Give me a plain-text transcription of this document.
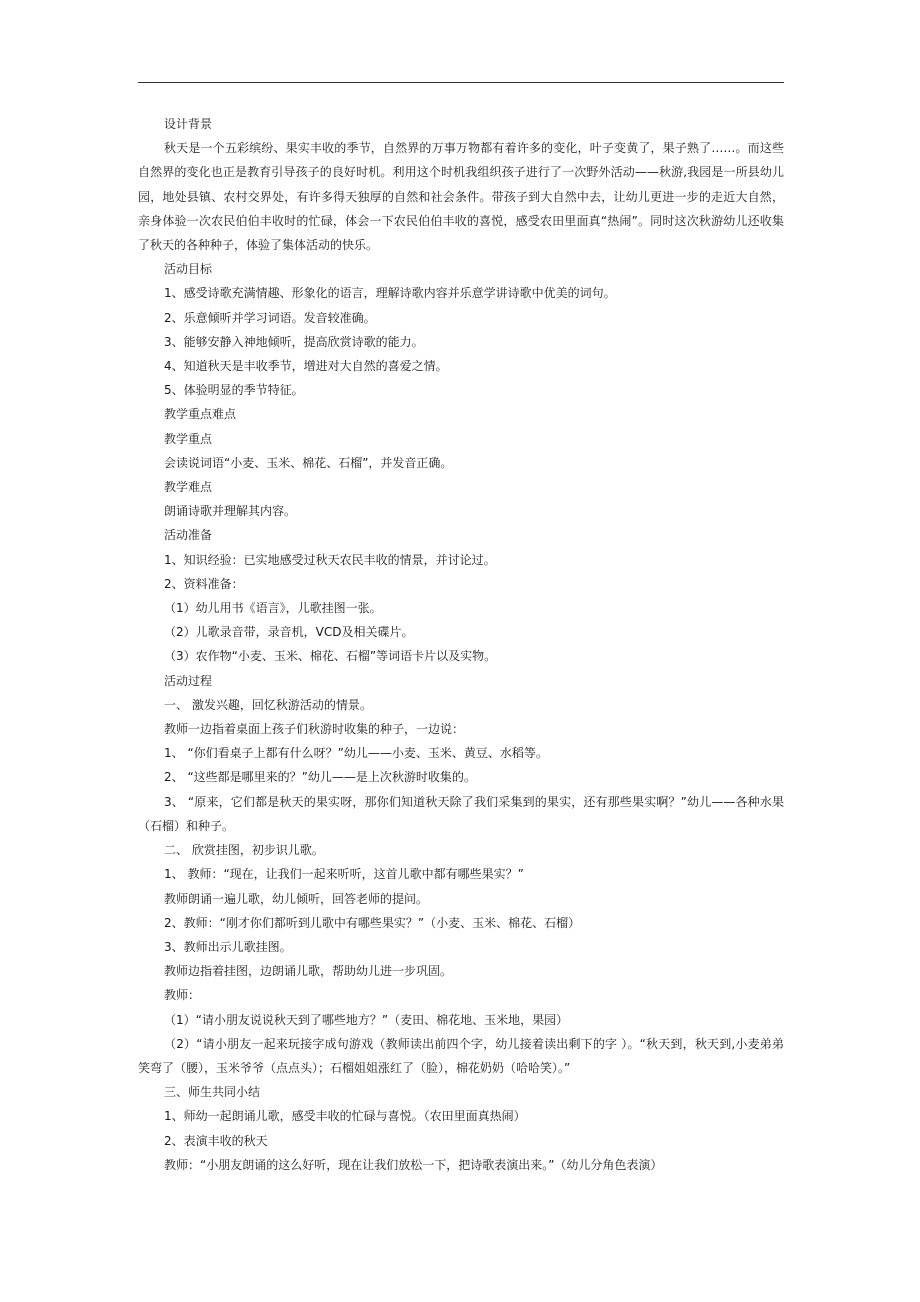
设计背景

秋天是一个五彩缤纷、果实丰收的季节，自然界的万事万物都有着许多的变化，叶子变黄了，果子熟了……。而这些自然界的变化也正是教育引导孩子的良好时机。利用这个时机我组织孩子进行了一次野外活动——秋游,我园是一所县幼儿园，地处县镇、农村交界处，有许多得天独厚的自然和社会条件。带孩子到大自然中去，让幼儿更进一步的走近大自然，亲身体验一次农民伯伯丰收时的忙碌，体会一下农民伯伯丰收的喜悦，感受农田里面真“热闹”。同时这次秋游幼儿还收集了秋天的各种种子，体验了集体活动的快乐。

活动目标

1、感受诗歌充满情趣、形象化的语言，理解诗歌内容并乐意学讲诗歌中优美的词句。

2、乐意倾听并学习词语。发音较准确。

3、能够安静入神地倾听，提高欣赏诗歌的能力。

4、知道秋天是丰收季节，增进对大自然的喜爱之情。

5、体验明显的季节特征。

教学重点难点

教学重点

会读说词语“小麦、玉米、棉花、石榴”，并发音正确。

教学难点

朗诵诗歌并理解其内容。

活动准备

1、知识经验：已实地感受过秋天农民丰收的情景，并讨论过。

2、资料准备：

（1）幼儿用书《语言》，儿歌挂图一张。

（2）儿歌录音带，录音机，VCD及相关碟片。

（3）农作物“小麦、玉米、棉花、石榴”等词语卡片以及实物。

活动过程

一、 激发兴趣，回忆秋游活动的情景。

教师一边指着桌面上孩子们秋游时收集的种子，一边说：

1、 “你们看桌子上都有什么呀？”幼儿——小麦、玉米、黄豆、水稻等。

2、 “这些都是哪里来的？”幼儿——是上次秋游时收集的。

3、 “原来，它们都是秋天的果实呀，那你们知道秋天除了我们采集到的果实，还有那些果实啊？”幼儿——各种水果（石榴）和种子。

二、 欣赏挂图，初步识儿歌。

1、 教师：“现在，让我们一起来听听，这首儿歌中都有哪些果实？”

教师朗诵一遍儿歌，幼儿倾听，回答老师的提问。

2、教师：“刚才你们都听到儿歌中有哪些果实？”（小麦、玉米、棉花、石榴）

3、教师出示儿歌挂图。

教师边指着挂图，边朗诵儿歌，帮助幼儿进一步巩固。

教师：

（1）“请小朋友说说秋天到了哪些地方？”（麦田、棉花地、玉米地，果园）

（2）“请小朋友一起来玩接字成句游戏（教师读出前四个字，幼儿接着读出剩下的字 ）。“秋天到，秋天到,小麦弟弟笑弯了（腰），玉米爷爷（点点头）；石榴姐姐涨红了（脸），棉花奶奶（哈哈笑）。”

三、师生共同小结

1、师幼一起朗诵儿歌，感受丰收的忙碌与喜悦。（农田里面真热闹）

2、表演丰收的秋天

教师：“小朋友朗诵的这么好听，现在让我们放松一下，把诗歌表演出来。”（幼儿分角色表演）
